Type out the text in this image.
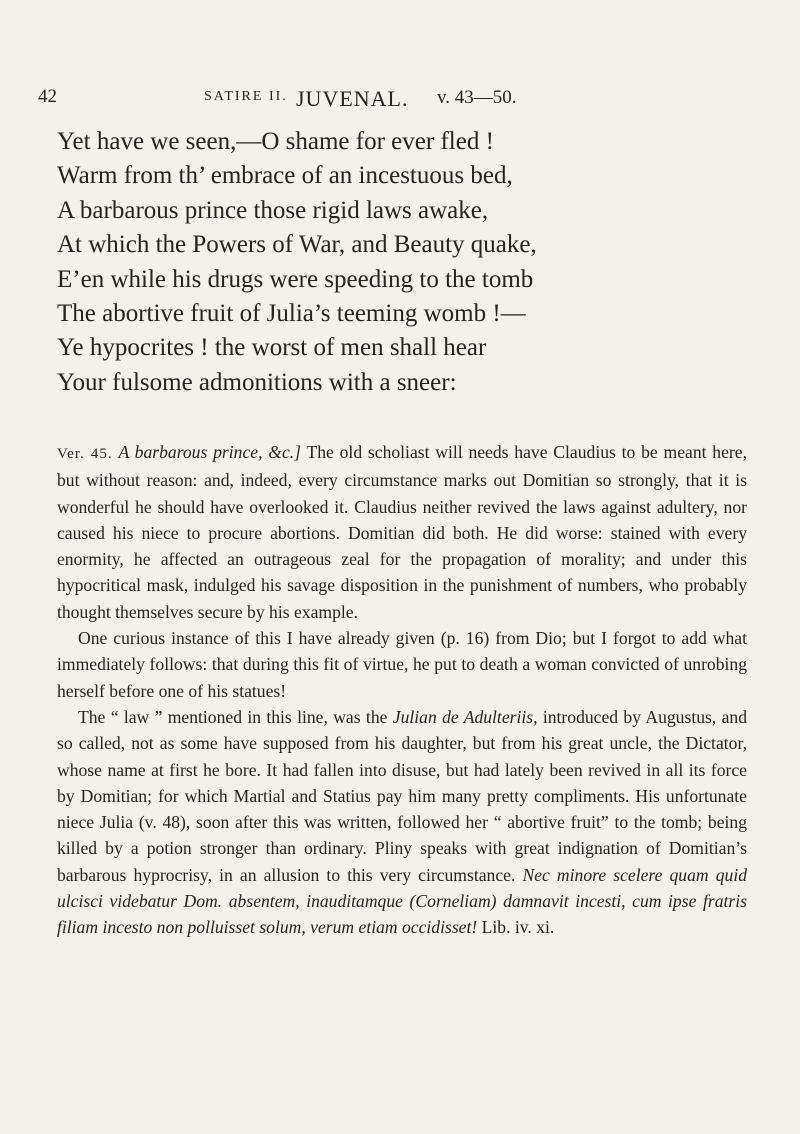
42	SATIRE II. JUVENAL. v. 43—50.
Yet have we seen,—O shame for ever fled !
Warm from th’ embrace of an incestuous bed,
A barbarous prince those rigid laws awake,
At which the Powers of War, and Beauty quake,
E’en while his drugs were speeding to the tomb
The abortive fruit of Julia’s teeming womb !—
Ye hypocrites ! the worst of men shall hear
Your fulsome admonitions with a sneer:

Ver. 45. A barbarous prince, &c.] The old scholiast will needs have Claudius to be meant here, but without reason: and, indeed, every circumstance marks out Domitian so strongly, that it is wonderful he should have overlooked it. Claudius neither revived the laws against adultery, nor caused his niece to procure abortions. Domitian did both. He did worse: stained with every enormity, he affected an outrageous zeal for the propagation of morality; and under this hypocritical mask, indulged his savage disposition in the punishment of numbers, who probably thought themselves secure by his example.

One curious instance of this I have already given (p. 16) from Dio; but I forgot to add what immediately follows: that during this fit of virtue, he put to death a woman convicted of unrobing herself before one of his statues!

The “ law ” mentioned in this line, was the Julian de Adulteriis, introduced by Augustus, and so called, not as some have supposed from his daughter, but from his great uncle, the Dictator, whose name at first he bore. It had fallen into disuse, but had lately been revived in all its force by Domitian; for which Martial and Statius pay him many pretty compliments. His unfortunate niece Julia (v. 48), soon after this was written, followed her “ abortive fruit” to the tomb; being killed by a potion stronger than ordinary. Pliny speaks with great indignation of Domitian’s barbarous hyprocrisy, in an allusion to this very circumstance. Nec minore scelere quam quid ulcisci videbatur Dom. absentem, inauditamque (Corneliam) damnavit incesti, cum ipse fratris filiam incesto non polluisset solum, verum etiam occidisset! Lib. iv. xi.
